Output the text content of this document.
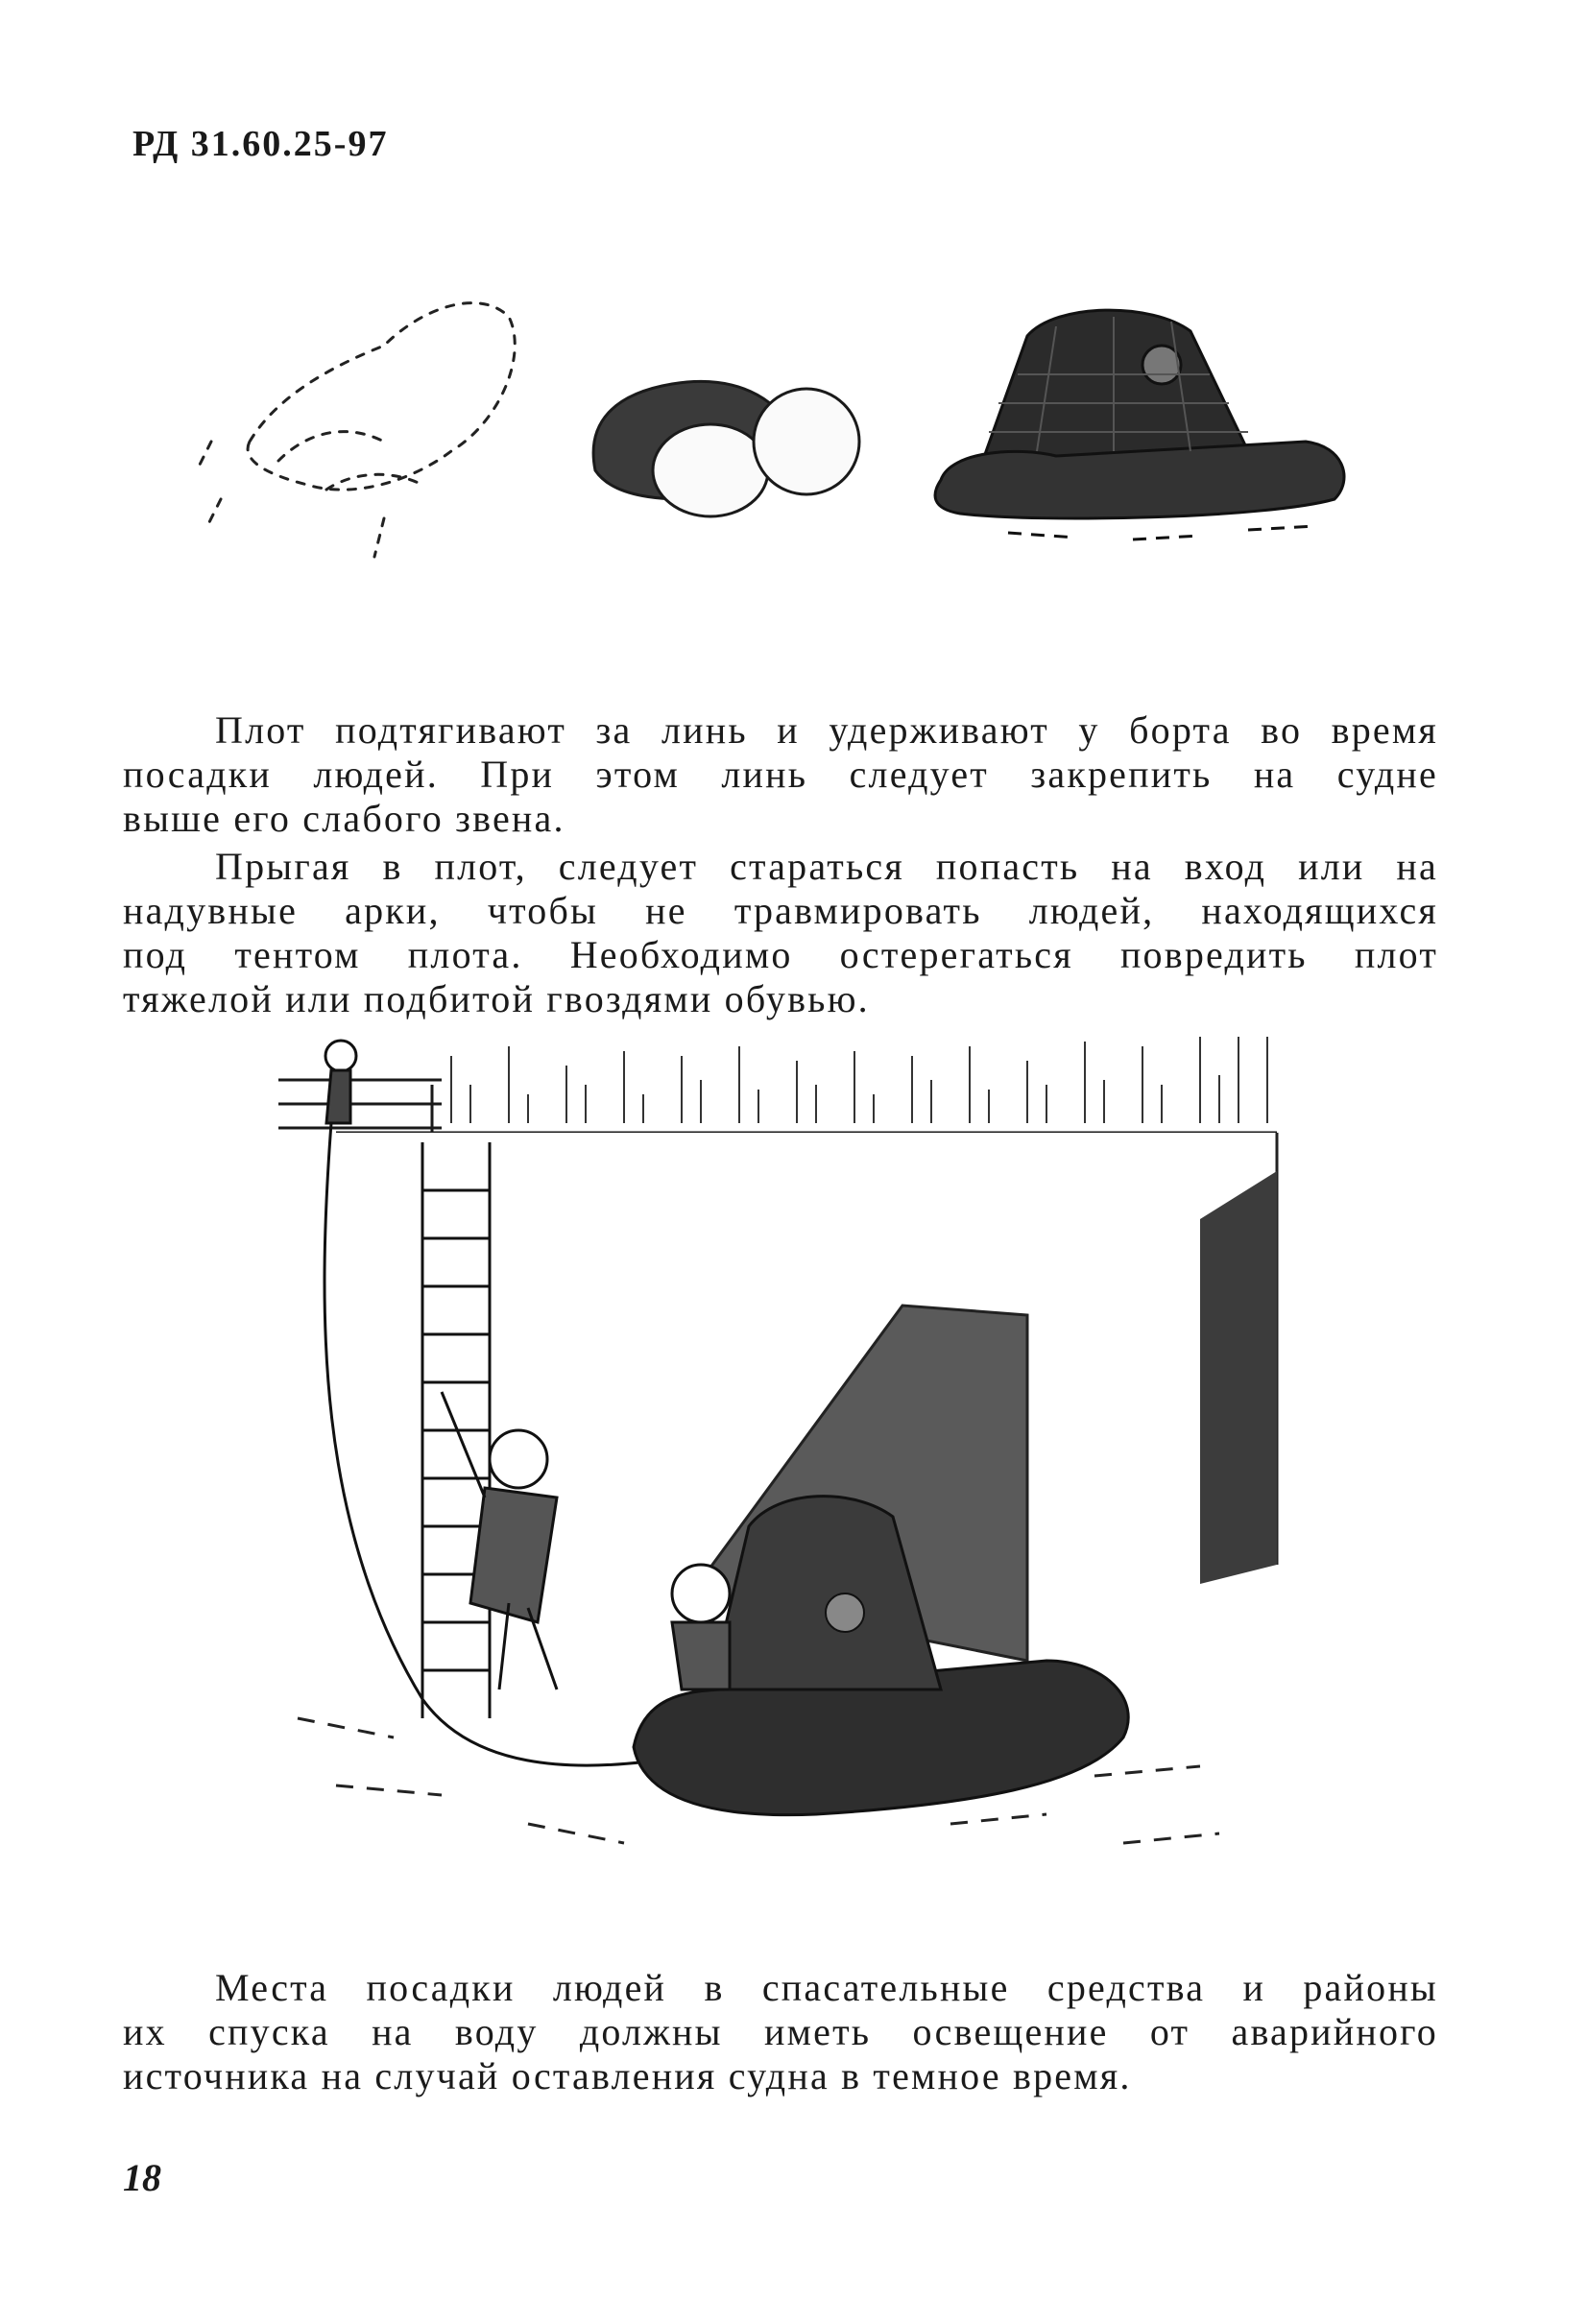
РД 31.60.25-97

Плот подтягивают за линь и удерживают у борта во время
посадки людей. При этом линь следует закрепить на судне
выше его слабого звена.

Прыгая в плот, следует стараться попасть на вход или на
надувные арки, чтобы не травмировать людей, находящихся
под тентом плота. Необходимо остерегаться повредить плот
тяжелой или подбитой гвоздями обувью.

Места посадки людей в спасательные средства и районы
их спуска на воду должны иметь освещение от аварийного
источника на случай оставления судна в темное время.

18
